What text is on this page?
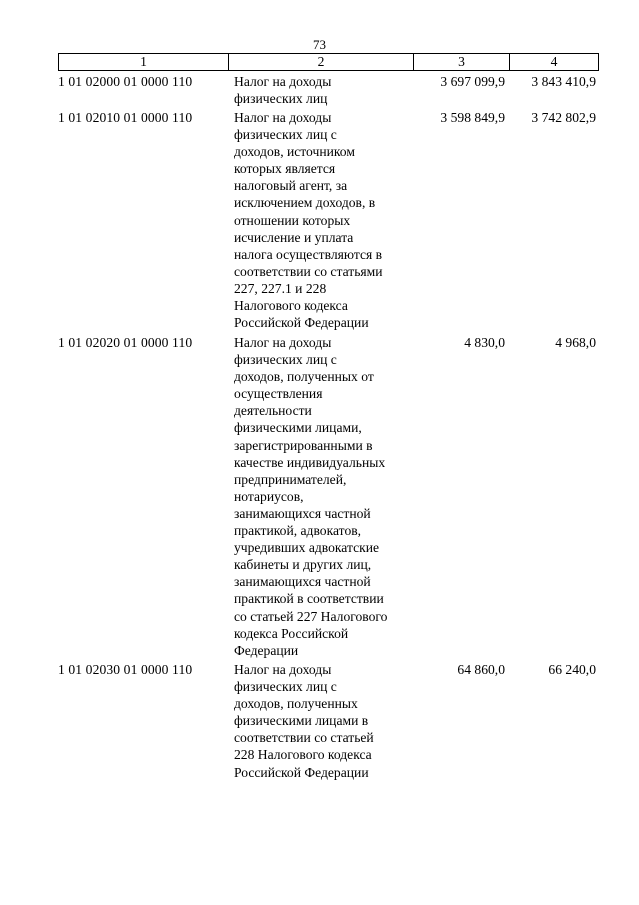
73
1	2	3	4
1 01 02000 01 0000 110	Налог на доходы
физических лиц
3 697 099,9	3 843 410,9
1 01 02010 01 0000 110	Налог на доходы
физических лиц с
доходов, источником
которых является
налоговый агент, за
исключением доходов, в
отношении которых
исчисление и уплата
налога осуществляются в
соответствии со статьями
227, 227.1 и 228
Налогового кодекса
Российской Федерации
3 598 849,9	3 742 802,9
1 01 02020 01 0000 110	Налог на доходы
физических лиц с
доходов, полученных от
осуществления
деятельности
физическими лицами,
зарегистрированными в
качестве индивидуальных
предпринимателей,
нотариусов,
занимающихся частной
практикой, адвокатов,
учредивших адвокатские
кабинеты и других лиц,
занимающихся частной
практикой в соответствии
со статьей 227 Налогового
кодекса Российской
Федерации
4 830,0	4 968,0
1 01 02030 01 0000 110	Налог на доходы
физических лиц с
доходов, полученных
физическими лицами в
соответствии со статьей
228 Налогового кодекса
Российской Федерации
64 860,0	66 240,0
